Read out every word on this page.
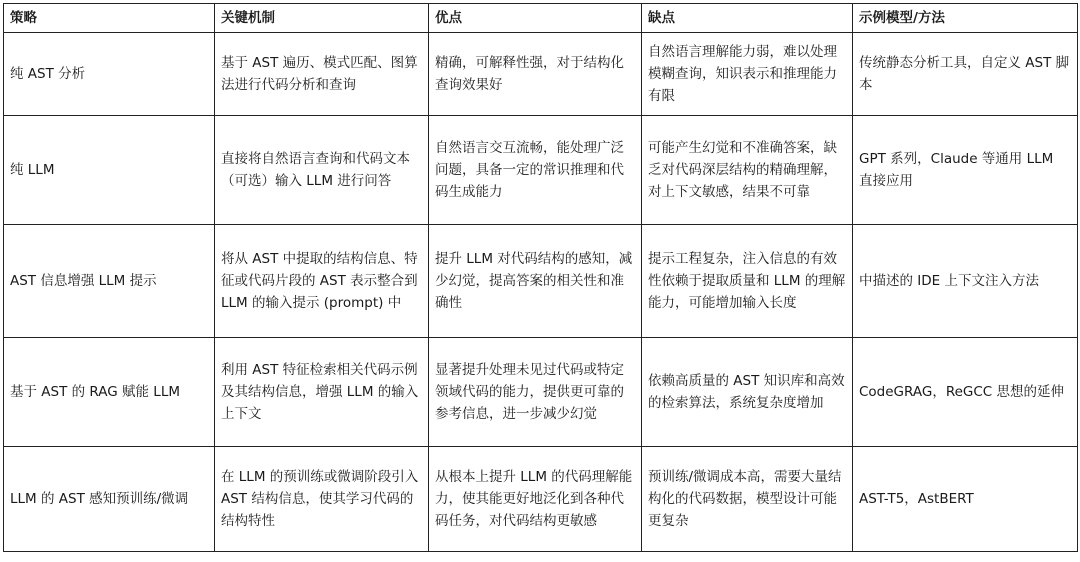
策略	关键机制	优点	缺点	示例模型/方法
纯 AST 分析	基于 AST 遍历、模式匹配、图算法进行代码分析和查询	精确，可解释性强，对于结构化查询效果好	自然语言理解能力弱，难以处理模糊查询，知识表示和推理能力有限	传统静态分析工具，自定义 AST 脚本
纯 LLM	直接将自然语言查询和代码文本（可选）输入 LLM 进行问答	自然语言交互流畅，能处理广泛问题，具备一定的常识推理和代码生成能力	可能产生幻觉和不准确答案，缺乏对代码深层结构的精确理解，对上下文敏感，结果不可靠	GPT 系列，Claude 等通用 LLM 直接应用
AST 信息增强 LLM 提示	将从 AST 中提取的结构信息、特征或代码片段的 AST 表示整合到 LLM 的输入提示 (prompt) 中	提升 LLM 对代码结构的感知，减少幻觉，提高答案的相关性和准确性	提示工程复杂，注入信息的有效性依赖于提取质量和 LLM 的理解能力，可能增加输入长度	中描述的 IDE 上下文注入方法
基于 AST 的 RAG 赋能 LLM	利用 AST 特征检索相关代码示例及其结构信息，增强 LLM 的输入上下文	显著提升处理未见过代码或特定领域代码的能力，提供更可靠的参考信息，进一步减少幻觉	依赖高质量的 AST 知识库和高效的检索算法，系统复杂度增加	CodeGRAG，ReGCC 思想的延伸
LLM 的 AST 感知预训练/微调	在 LLM 的预训练或微调阶段引入 AST 结构信息，使其学习代码的结构特性	从根本上提升 LLM 的代码理解能力，使其能更好地泛化到各种代码任务，对代码结构更敏感	预训练/微调成本高，需要大量结构化的代码数据，模型设计可能更复杂	AST-T5，AstBERT
